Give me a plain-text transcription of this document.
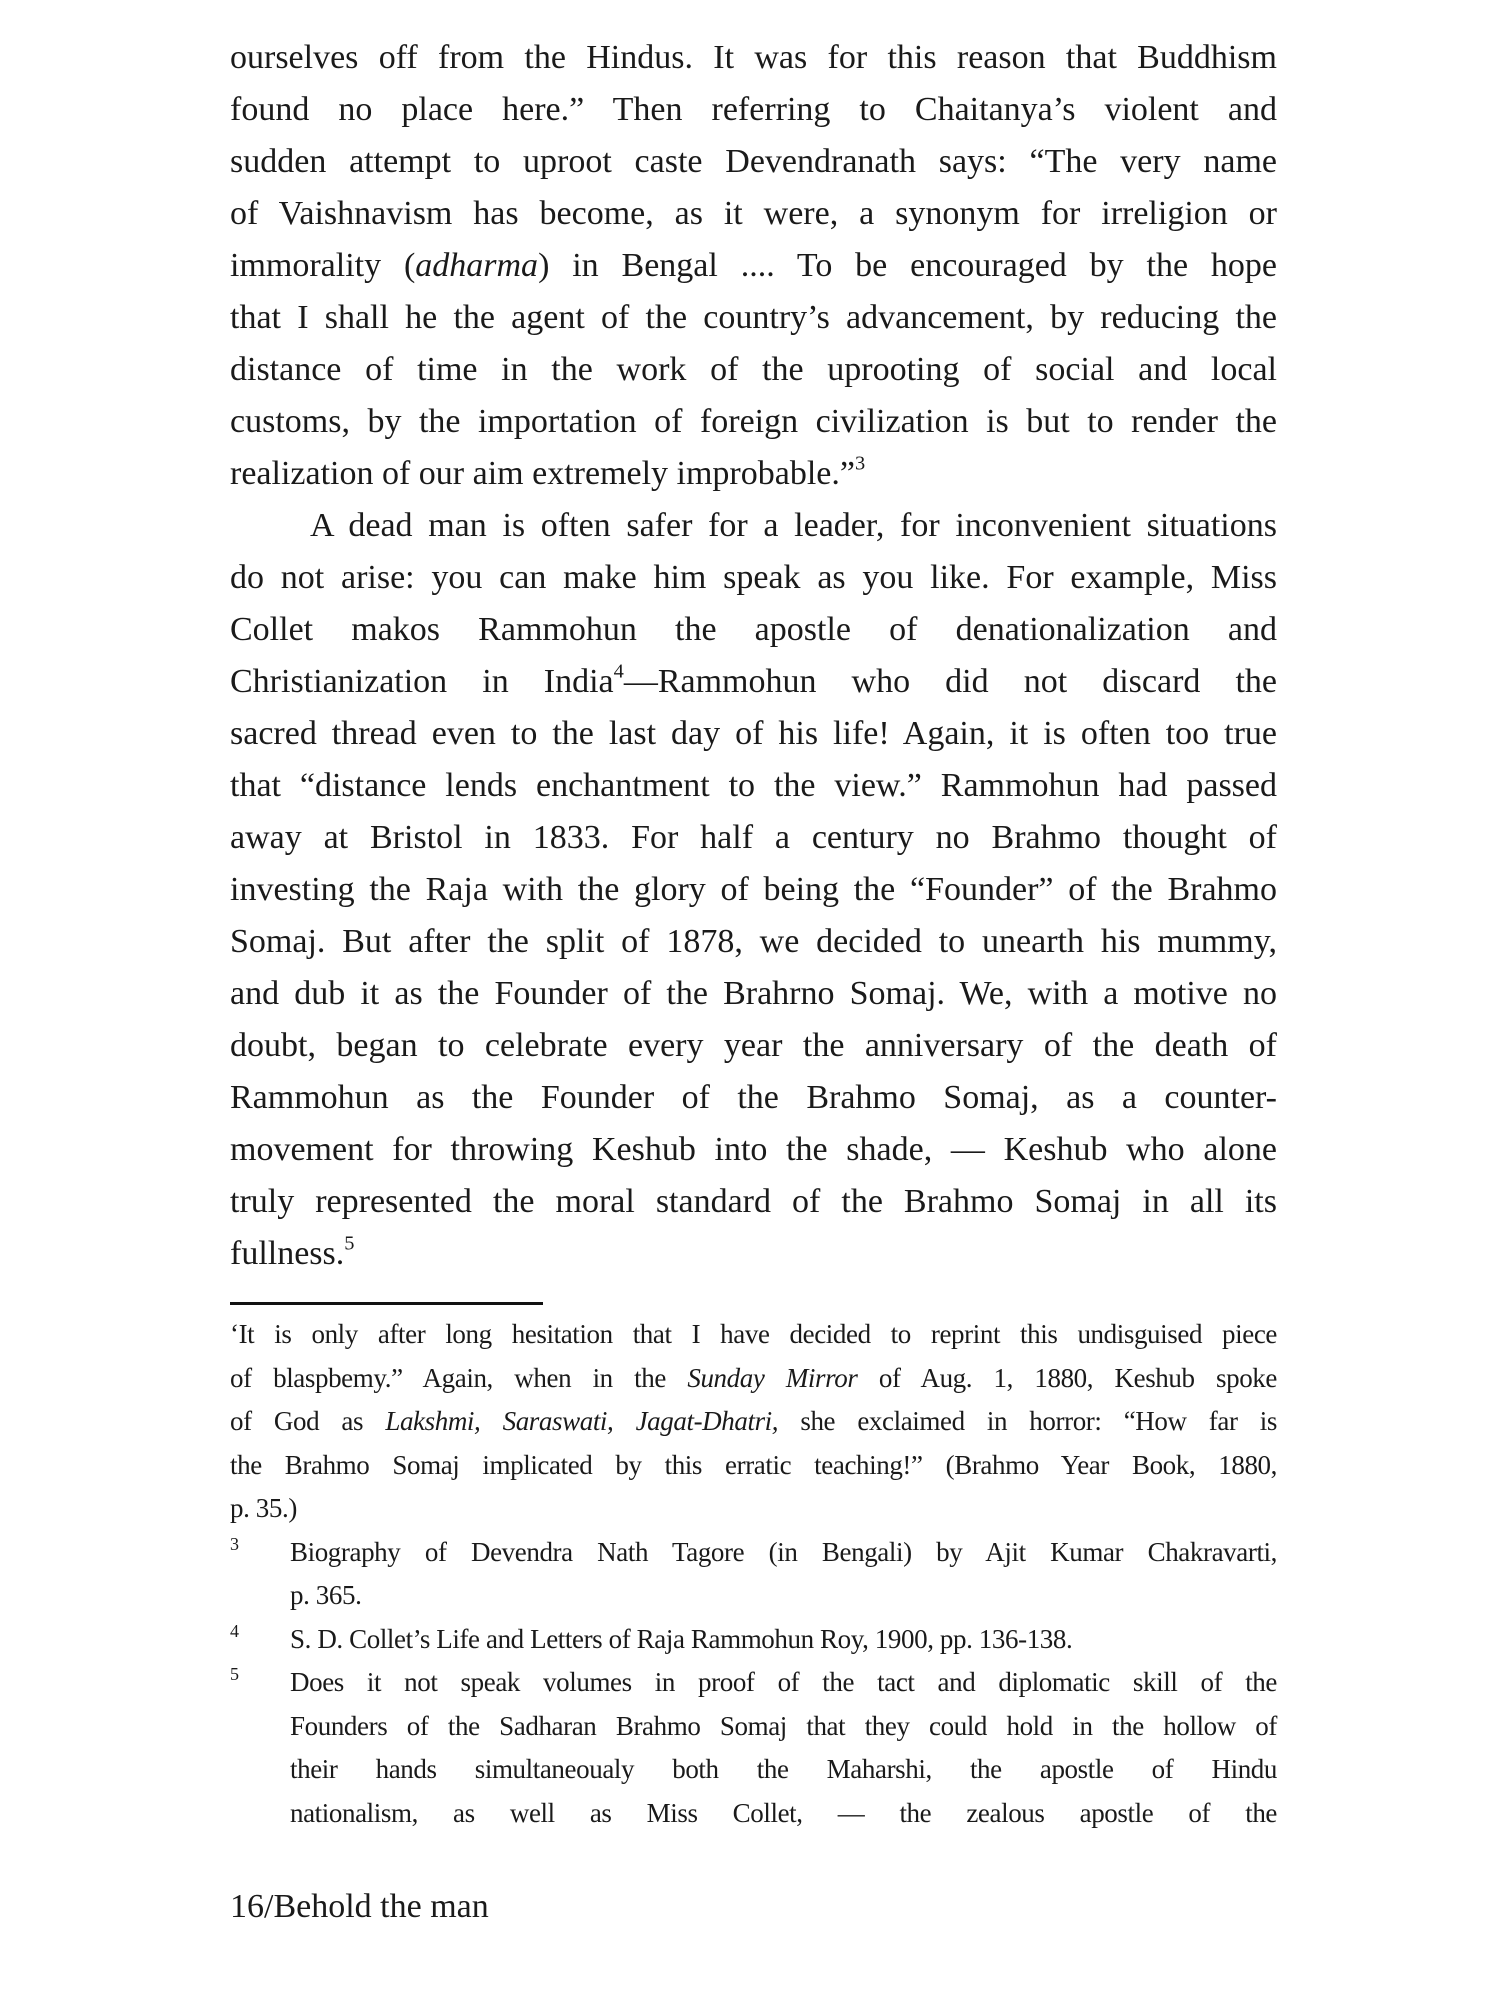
ourselves off from the Hindus. It was for this reason that Buddhism
found no place here.” Then referring to Chaitanya’s violent and
sudden attempt to uproot caste Devendranath says: “The very name
of Vaishnavism has become, as it were, a synonym for irreligion or
immorality (adharma) in Bengal .... To be encouraged by the hope
that I shall he the agent of the country’s advancement, by reducing the
distance of time in the work of the uprooting of social and local
customs, by the importation of foreign civilization is but to render the
realization of our aim extremely improbable.”$^3$
A dead man is often safer for a leader, for inconvenient situations
do not arise: you can make him speak as you like. For example, Miss
Collet makos Rammohun the apostle of denationalization and
Christianization in India$^4$—Rammohun who did not discard the
sacred thread even to the last day of his life! Again, it is often too true
that “distance lends enchantment to the view.” Rammohun had passed
away at Bristol in 1833. For half a century no Brahmo thought of
investing the Raja with the glory of being the “Founder” of the Brahmo
Somaj. But after the split of 1878, we decided to unearth his mummy,
and dub it as the Founder of the Brahrno Somaj. We, with a motive no
doubt, began to celebrate every year the anniversary of the death of
Rammohun as the Founder of the Brahmo Somaj, as a counter-
movement for throwing Keshub into the shade, — Keshub who alone
truly represented the moral standard of the Brahmo Somaj in all its
fullness.$^5$
‘It is only after long hesitation that I have decided to reprint this undisguised piece
of blaspbemy.” Again, when in the Sunday Mirror of Aug. 1, 1880, Keshub spoke
of God as Lakshmi, Saraswati, Jagat-Dhatri, she exclaimed in horror: “How far is
the Brahmo Somaj implicated by this erratic teaching!” (Brahmo Year Book, 1880,
p. 35.)
3 Biography of Devendra Nath Tagore (in Bengali) by Ajit Kumar Chakravarti,
p. 365.
4 S. D. Collet’s Life and Letters of Raja Rammohun Roy, 1900, pp. 136-138.
5 Does it not speak volumes in proof of the tact and diplomatic skill of the
Founders of the Sadharan Brahmo Somaj that they could hold in the hollow of
their hands simultaneoualy both the Maharshi, the apostle of Hindu
nationalism, as well as Miss Collet, — the zealous apostle of the
16/Behold the man
